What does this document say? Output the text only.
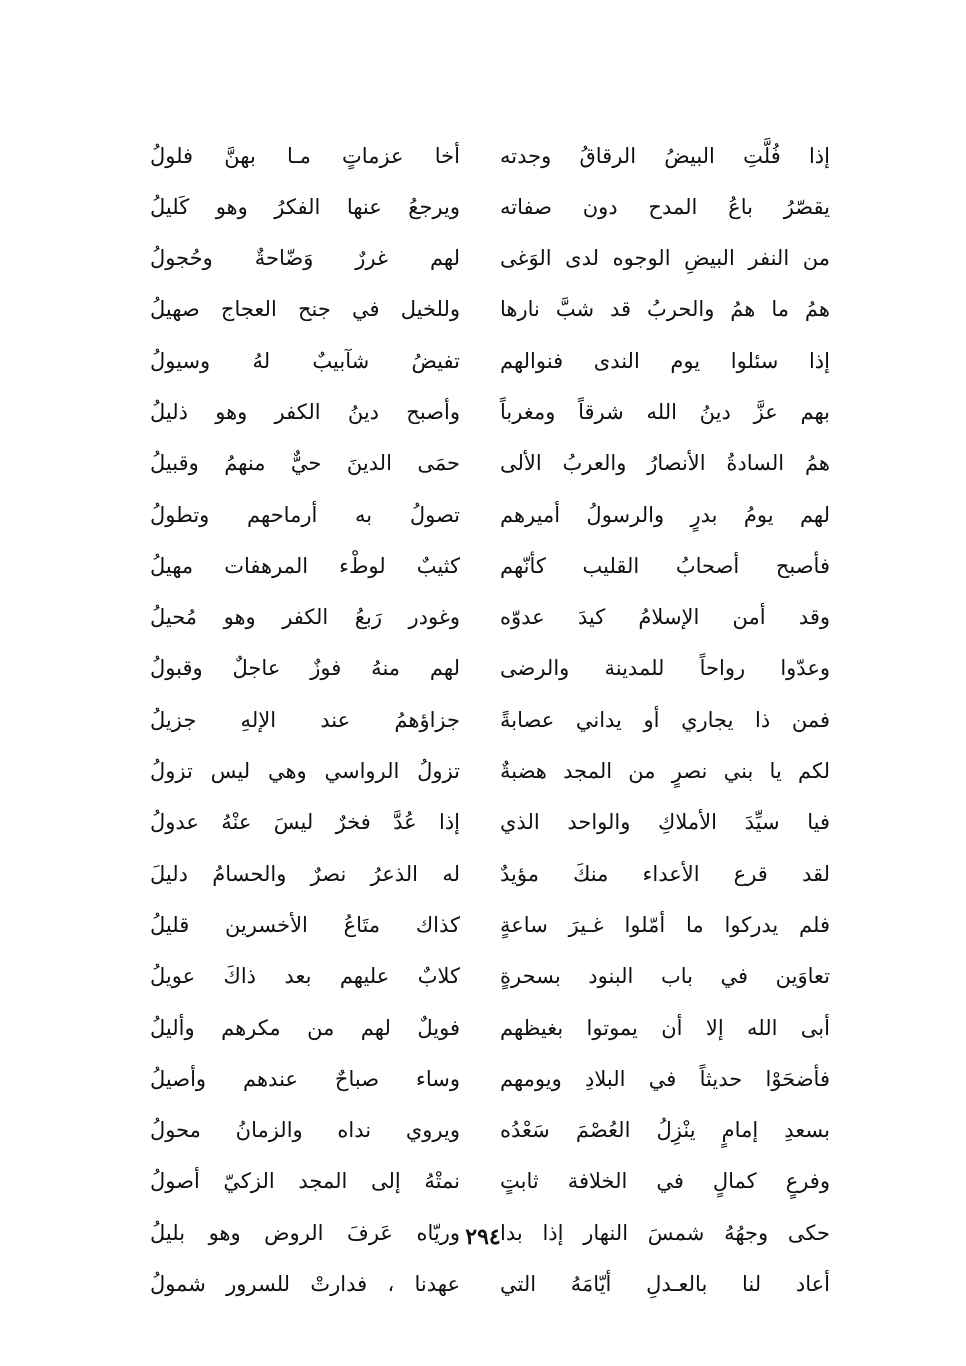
إذا فُلَّتِ البيضُ الرقاقُ وجدته
أخا عزماتٍ مـا بهنَّ فلولُ
يقصّرُ باعُ المدح دون صفاته
ويرجعُ عنها الفكرُ وهو كَليلُ
من النفر البيضِ الوجوه لدى الوَغى
لهم غررٌ وَضّاحةٌ وحُجولُ
همُ ما همُ والحربُ قد شبَّ نارها
وللخيل في جنح العجاج صهيلُ
إذا سئلوا يوم الندى فنوالهم
تفيضُ شآبيبٌ لهُ وسيولُ
بهم عزَّ دينُ الله شرقاً ومغرباً
وأصبح دينُ الكفر وهو ذليلُ
همُ السادةُ الأنصارُ والعربُ الألى
حمَى الدينَ حيٌّ منهمُ وقبيلُ
لهم يومُ بدرٍ والرسولُ أميرهم
تصولُ به أرماحهم وتطولُ
فأصبح أصحابُ القليب كأنّهم
كثيبٌ لوطْء المرهفات مهيلُ
وقد أمن الإسلامُ كيدَ عدوّه
وغودر رَبعُ الكفر وهو مُحيلُ
وعدّوا رواحاً للمدينة والرضى
لهم منهُ فوزٌ عاجلٌ وقبولُ
فمن ذا يجاري أو يداني عصابةً
جزاؤهمُ عند الإلهِ جزيلُ
لكم يا بني نصرٍ من المجد هضبةٌ
تزولُ الرواسي وهي ليس تزولُ
فيا سيِّدَ الأملاكِ والواحد الذي
إذا عُدَّ فخرٌ ليسَ عنْهُ عدولُ
لقد قرع الأعداء منكَ مؤيدٌ
له الذعرُ نصرٌ والحسامُ دليلَ
فلم يدركوا ما أمّلوا غـيرَ ساعةٍ
كذاك متَاعُ الأخسرين قليلُ
تعاوَين في باب البنود بسحرةٍ
كلابٌ عليهم بعد ذاكَ عويلُ
أبى الله إلا أن يموتوا بغيظهم
فويلٌ لهم من مكرهم وأليلُ
فأضحَوْا حديثاً في البلادِ ويومهم
وساء صباحٌ عندهم وأصيلُ
بسعدِ إمامٍ ينْزِلُ العُصْمَ سَعْدُه
ويروي نداه والزمانُ محولُ
وفرعٍ كمالٍ في الخلافة ثابتٍ
نمتْهُ إلى المجد الزكيّ أصولُ
حكى وجهُهُ شمسَ النهار إذا بدا
وريّاه عَرفَ الروض وهو بليلُ
أعاد لنا بالعـدلِ أيّامَهُ التي
عهدنا ، فدارتْ للسرور شمولُ
٢٩٤
